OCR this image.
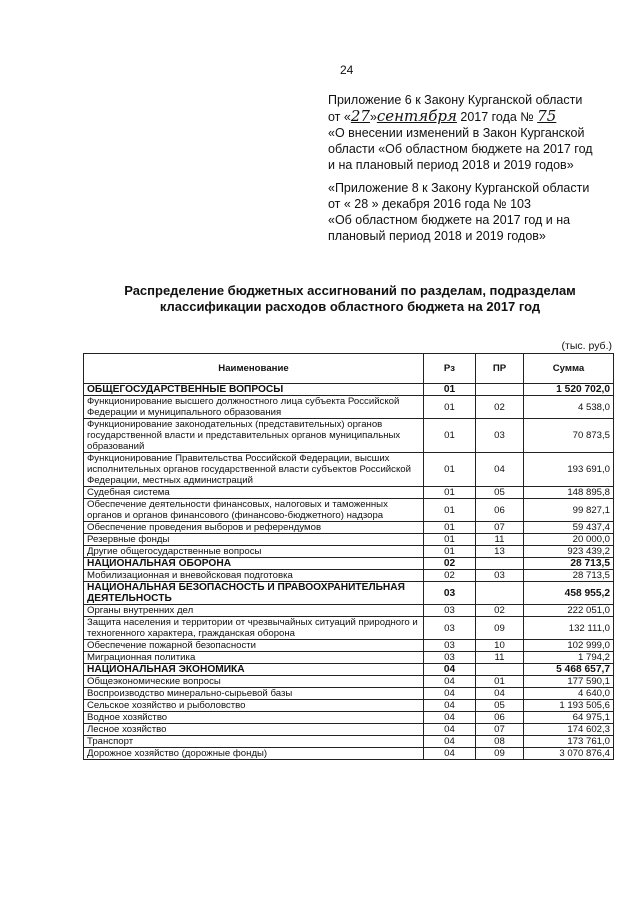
24
Приложение 6 к Закону Курганской области
от «27»сентября 2017 года № 75
«О внесении изменений в Закон Курганской
области «Об областном бюджете на 2017 год
и на плановый период 2018 и 2019 годов»
«Приложение 8 к Закону Курганской области
от « 28 » декабря 2016 года № 103
«Об областном бюджете на 2017 год и на
плановый период 2018 и 2019 годов»
Распределение бюджетных ассигнований по разделам, подразделам
классификации расходов областного бюджета на 2017 год
(тыс. руб.)
Наименование	Рз	ПР	Сумма
ОБЩЕГОСУДАРСТВЕННЫЕ ВОПРОСЫ	01		1 520 702,0
Функционирование высшего должностного лица субъекта Российской Федерации и муниципального образования	01	02	4 538,0
Функционирование законодательных (представительных) органов государственной власти и представительных органов муниципальных образований	01	03	70 873,5
Функционирование Правительства Российской Федерации, высших исполнительных органов государственной власти субъектов Российской Федерации, местных администраций	01	04	193 691,0
Судебная система	01	05	148 895,8
Обеспечение деятельности финансовых, налоговых и таможенных органов и органов финансового (финансово-бюджетного) надзора	01	06	99 827,1
Обеспечение проведения выборов и референдумов	01	07	59 437,4
Резервные фонды	01	11	20 000,0
Другие общегосударственные вопросы	01	13	923 439,2
НАЦИОНАЛЬНАЯ ОБОРОНА	02		28 713,5
Мобилизационная и вневойсковая подготовка	02	03	28 713,5
НАЦИОНАЛЬНАЯ БЕЗОПАСНОСТЬ И ПРАВООХРАНИТЕЛЬНАЯ ДЕЯТЕЛЬНОСТЬ	03		458 955,2
Органы внутренних дел	03	02	222 051,0
Защита населения и территории от чрезвычайных ситуаций природного и техногенного характера, гражданская оборона	03	09	132 111,0
Обеспечение пожарной безопасности	03	10	102 999,0
Миграционная политика	03	11	1 794,2
НАЦИОНАЛЬНАЯ ЭКОНОМИКА	04		5 468 657,7
Общеэкономические вопросы	04	01	177 590,1
Воспроизводство минерально-сырьевой базы	04	04	4 640,0
Сельское хозяйство и рыболовство	04	05	1 193 505,6
Водное хозяйство	04	06	64 975,1
Лесное хозяйство	04	07	174 602,3
Транспорт	04	08	173 761,0
Дорожное хозяйство (дорожные фонды)	04	09	3 070 876,4
